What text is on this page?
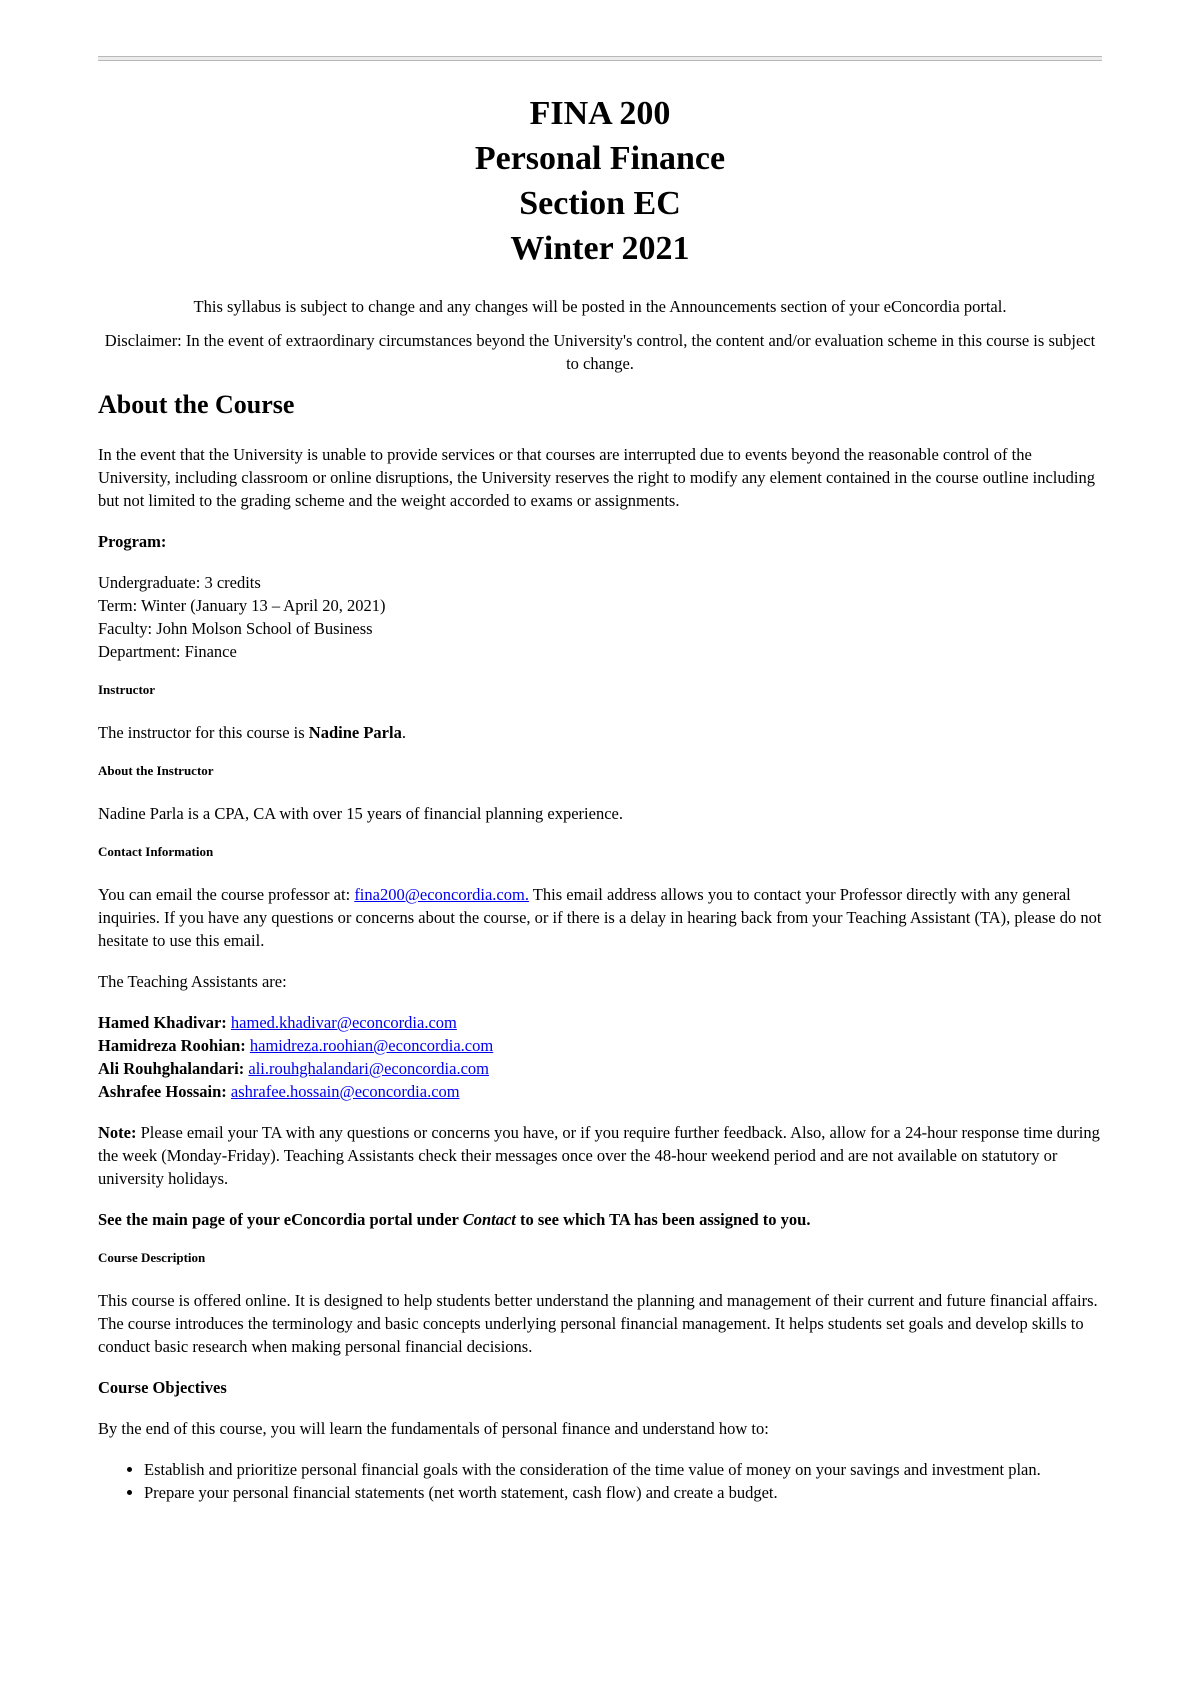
FINA 200
Personal Finance
Section EC
Winter 2021

This syllabus is subject to change and any changes will be posted in the Announcements section of your eConcordia portal.

Disclaimer: In the event of extraordinary circumstances beyond the University's control, the content and/or evaluation scheme in this course is subject to change.

About the Course

In the event that the University is unable to provide services or that courses are interrupted due to events beyond the reasonable control of the University, including classroom or online disruptions, the University reserves the right to modify any element contained in the course outline including but not limited to the grading scheme and the weight accorded to exams or assignments.

Program:
Undergraduate: 3 credits
Term: Winter (January 13 – April 20, 2021)
Faculty: John Molson School of Business
Department: Finance
Instructor

The instructor for this course is Nadine Parla.

About the Instructor

Nadine Parla is a CPA, CA with over 15 years of financial planning experience.

Contact Information

You can email the course professor at: fina200@econcordia.com. This email address allows you to contact your Professor directly with any general inquiries. If you have any questions or concerns about the course, or if there is a delay in hearing back from your Teaching Assistant (TA), please do not hesitate to use this email.

The Teaching Assistants are:

Hamed Khadivar: hamed.khadivar@econcordia.com
Hamidreza Roohian: hamidreza.roohian@econcordia.com
Ali Rouhghalandari: ali.rouhghalandari@econcordia.com
Ashrafee Hossain: ashrafee.hossain@econcordia.com

Note: Please email your TA with any questions or concerns you have, or if you require further feedback. Also, allow for a 24-hour response time during the week (Monday-Friday). Teaching Assistants check their messages once over the 48-hour weekend period and are not available on statutory or university holidays.

See the main page of your eConcordia portal under Contact to see which TA has been assigned to you.

Course Description

This course is offered online. It is designed to help students better understand the planning and management of their current and future financial affairs. The course introduces the terminology and basic concepts underlying personal financial management. It helps students set goals and develop skills to conduct basic research when making personal financial decisions.

Course Objectives

By the end of this course, you will learn the fundamentals of personal finance and understand how to:

• Establish and prioritize personal financial goals with the consideration of the time value of money on your savings and investment plan.
• Prepare your personal financial statements (net worth statement, cash flow) and create a budget.
